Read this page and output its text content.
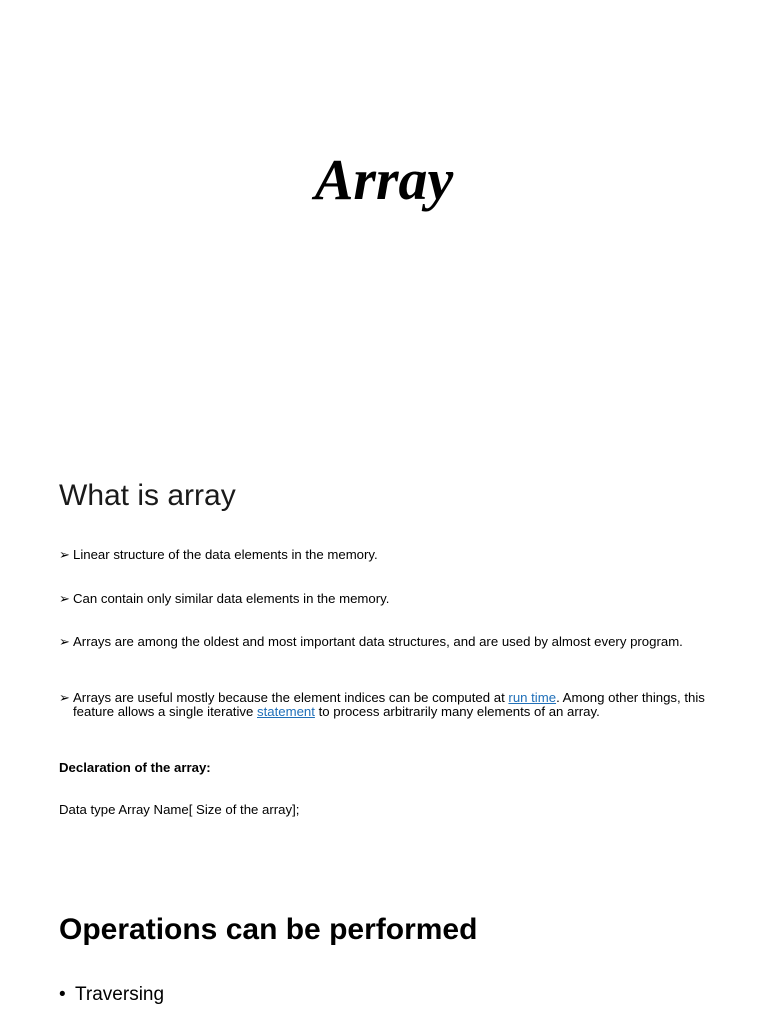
Array
What is array

➢ Linear structure of the data elements in the memory.

➢ Can contain only similar data elements in the memory.

➢ Arrays are among the oldest and most important data structures, and are used by almost every program.

➢ Arrays are useful mostly because the element indices can be computed at run time. Among other things, this feature allows a single iterative statement to process arbitrarily many elements of an array.

Declaration of the array:

Data type Array Name[ Size of the array];

Operations can be performed

• Traversing
